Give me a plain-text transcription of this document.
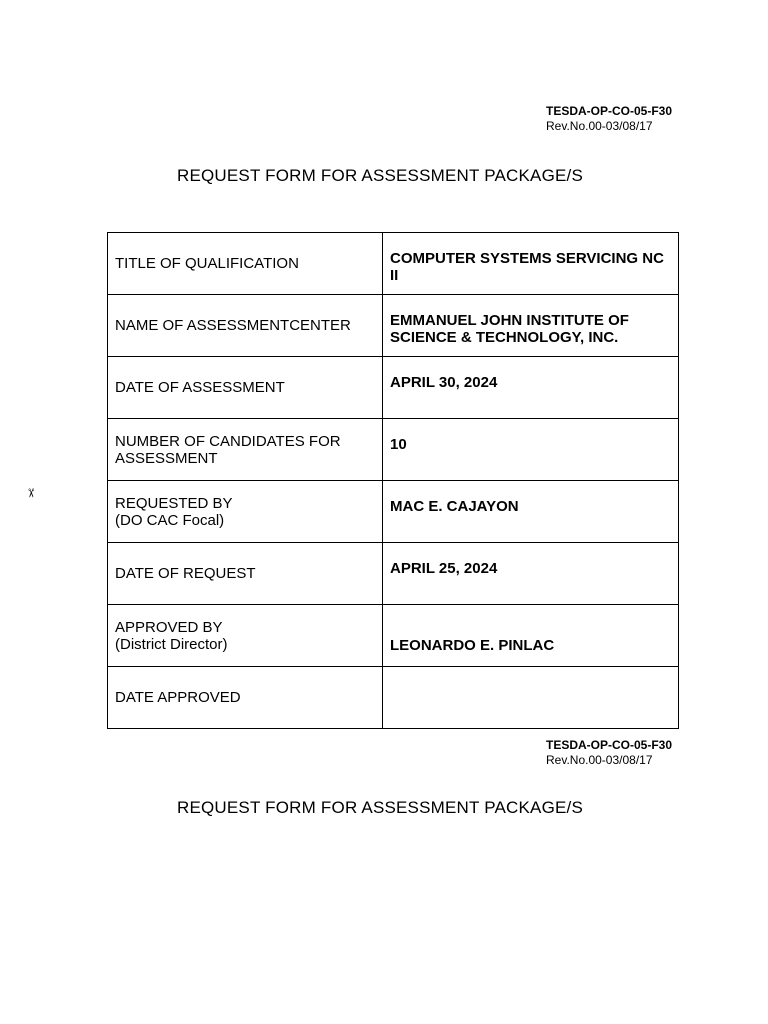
TESDA-OP-CO-05-F30
Rev.No.00-03/08/17
REQUEST FORM FOR ASSESSMENT PACKAGE/S
✂
TITLE OF QUALIFICATION	COMPUTER SYSTEMS SERVICING NC II

NAME OF ASSESSMENTCENTER	EMMANUEL JOHN INSTITUTE OF SCIENCE & TECHNOLOGY, INC.

DATE OF ASSESSMENT	APRIL 30, 2024

NUMBER OF CANDIDATES FOR ASSESSMENT	10

REQUESTED BY
(DO CAC Focal)	MAC E. CAJAYON

DATE OF REQUEST	APRIL 25, 2024

APPROVED BY
(District Director)	LEONARDO E. PINLAC

DATE APPROVED	

TESDA-OP-CO-05-F30
Rev.No.00-03/08/17
REQUEST FORM FOR ASSESSMENT PACKAGE/S
